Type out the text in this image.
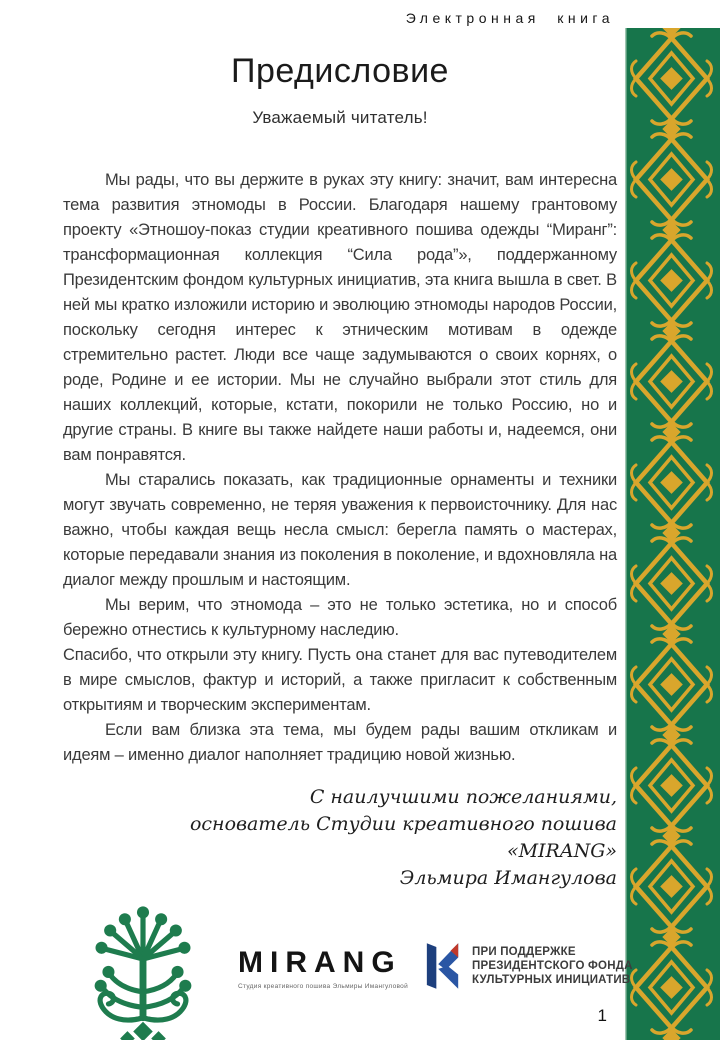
Электронная книга
Предисловие
Уважаемый читатель!

Мы рады, что вы держите в руках эту книгу: значит, вам интересна тема развития этномоды в России. Благодаря нашему грантовому проекту «Этношоу-показ студии креативного пошива одежды “Миранг”: трансформационная коллекция “Сила рода”», поддержанному Президентским фондом культурных инициатив, эта книга вышла в свет. В ней мы кратко изложили историю и эволюцию этномоды народов России, поскольку сегодня интерес к этническим мотивам в одежде стремительно растет. Люди все чаще задумываются о своих корнях, о роде, Родине и ее истории. Мы не случайно выбрали этот стиль для наших коллекций, которые, кстати, покорили не только Россию, но и другие страны. В книге вы также найдете наши работы и, надеемся, они вам понравятся.

Мы старались показать, как традиционные орнаменты и техники могут звучать современно, не теряя уважения к первоисточнику. Для нас важно, чтобы каждая вещь несла смысл: берегла память о мастерах, которые передавали знания из поколения в поколение, и вдохновляла на диалог между прошлым и настоящим.

Мы верим, что этномода – это не только эстетика, но и способ бережно отнестись к культурному наследию.

Спасибо, что открыли эту книгу. Пусть она станет для вас путеводителем в мире смыслов, фактур и историй, а также пригласит к собственным открытиям и творческим экспериментам.

Если вам близка эта тема, мы будем рады вашим откликам и идеям – именно диалог наполняет традицию новой жизнью.

С наилучшими пожеланиями,
основатель Студии креативного пошива
«MIRANG»
Эльмира Имангулова
MIRANG
Студия креативного пошива Эльмиры Имангуловой
ПРИ ПОДДЕРЖКЕ
ПРЕЗИДЕНТСКОГО ФОНДА
КУЛЬТУРНЫХ ИНИЦИАТИВ
1
